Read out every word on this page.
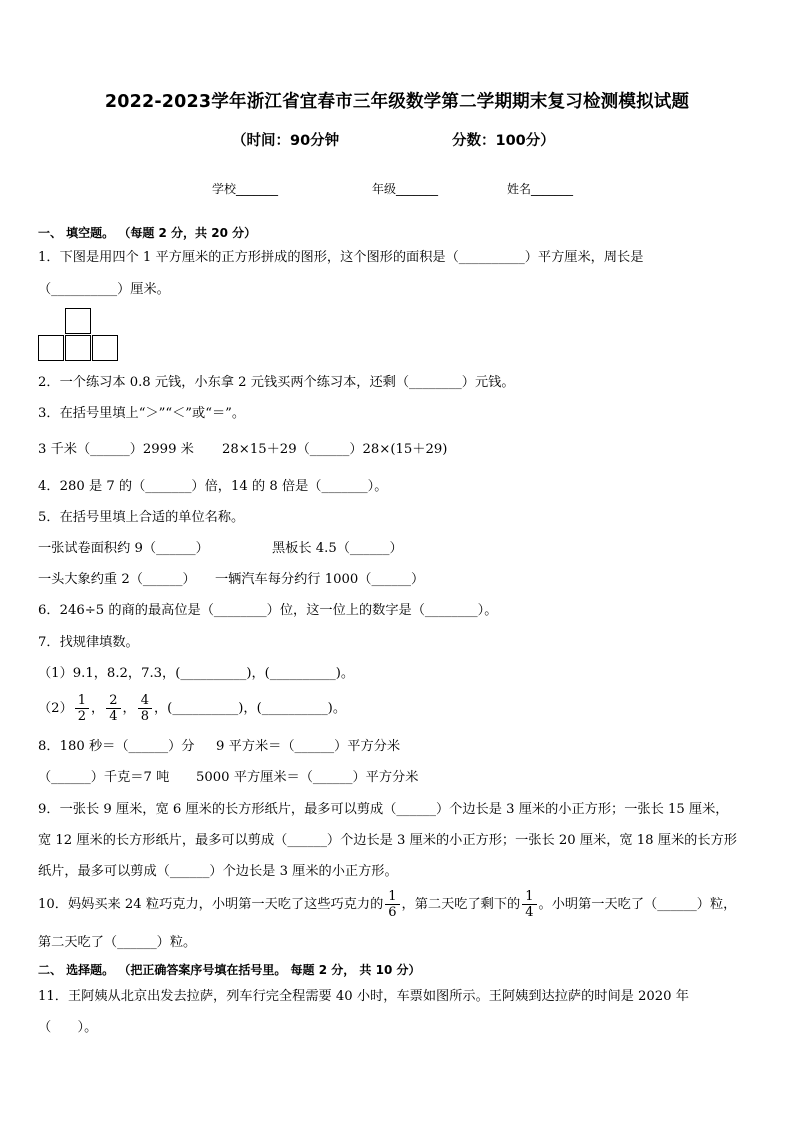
2022-2023学年浙江省宜春市三年级数学第二学期期末复习检测模拟试题
（时间：90分钟	分数：100分）
学校_______	年级_______	姓名_______
一、 填空题。 （每题 2 分，共 20 分）
1．下图是用四个 1 平方厘米的正方形拼成的图形，这个图形的面积是（__________）平方厘米，周长是
（__________）厘米。
2．一个练习本 0.8 元钱，小东拿 2 元钱买两个练习本，还剩（________）元钱。
3．在括号里填上“＞”“＜”或“＝”。
3 千米（______）2999 米 28×15＋29（______）28×(15＋29)
4．280 是 7 的（_______）倍，14 的 8 倍是（_______）。
5．在括号里填上合适的单位名称。
一张试卷面积约 9（______）	黑板长 4.5（______）
一头大象约重 2（______） 一辆汽车每分约行 1000（______）
6．246÷5 的商的最高位是（________）位，这一位上的数字是（________）。
7．找规律填数。
（1）9.1，8.2，7.3，(__________)，(__________)。
$(2) \frac{1}{2}$ ， $\frac{2}{4}$ ， $\frac{4}{8}$ ，(__________)，(__________)。
8．180 秒＝（______）分 9 平方米＝（______）平方分米
（______）千克＝7 吨 5000 平方厘米＝（______）平方分米
9．一张长 9 厘米，宽 6 厘米的长方形纸片，最多可以剪成（______）个边长是 3 厘米的小正方形；一张长 15 厘米，
宽 12 厘米的长方形纸片，最多可以剪成（______）个边长是 3 厘米的小正方形；一张长 20 厘米，宽 18 厘米的长方形
纸片，最多可以剪成（______）个边长是 3 厘米的小正方形。
10．妈妈买来 24 粒巧克力，小明第一天吃了这些巧克力的 $\frac{1}{6}$ ，第二天吃了剩下的 $\frac{1}{4}$ 。小明第一天吃了（______）粒，
第二天吃了（______）粒。
二、 选择题。 （把正确答案序号填在括号里。 每题 2 分， 共 10 分）
11．王阿姨从北京出发去拉萨，列车行完全程需要 40 小时，车票如图所示。王阿姨到达拉萨的时间是 2020 年
（　　）。
